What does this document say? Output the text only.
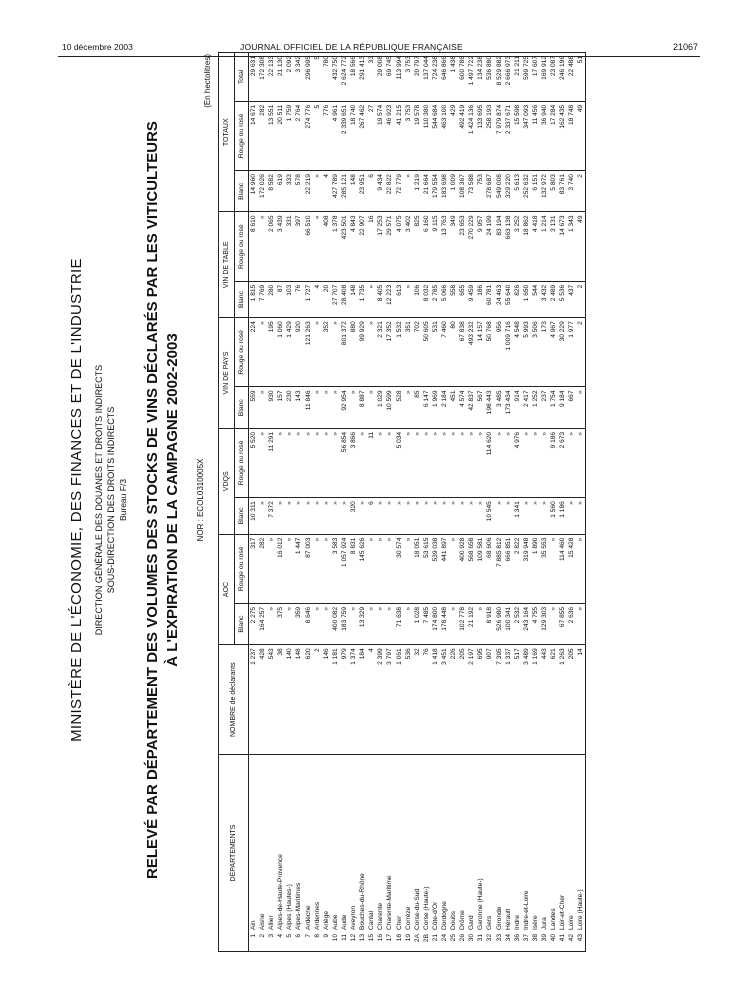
10 décembre 2003	JOURNAL OFFICIEL DE LA RÉPUBLIQUE FRANÇAISE	21067
MINISTÈRE DE L'ÉCONOMIE, DES FINANCES ET DE L'INDUSTRIE DIRECTION GÉNÉRALE DES DOUANES ET DROITS INDIRECTS SOUS-DIRECTION DES DROITS INDIRECTS Bureau F/3 RELEVÉ PAR DÉPARTEMENT DES VOLUMES DES STOCKS DE VINS DÉCLARÉS PAR LES VITICULTEURS À L'EXPIRATION DE LA CAMPAGNE 2002-2003 NOR : ECOL0310005X
(En hectolitres)
DÉPARTEMENTS	NOMBRE de déclarants	AOC		VDQS		VIN DE PAYS		VIN DE TABLE		TOTAUX		
		Blanc	Rouge ou rosé	Blanc	Rouge ou rosé	Blanc	Rouge ou rosé	Blanc	Rouge ou rosé	Blanc	Rouge ou rosé	Total
1Ain	1 237	2 275	317	10 311	5 520	559	224	1 815	8 610	14 960	14 671	29 631
2Aisne	428	164 257	282	»	»	»	»	7 769	»	172 026	282	172 308
3Allier	543	»	»	7 372	11 291	930	195	280	2 065	8 582	13 551	22 133
4Alpes-de-Haute-Provence	38	375	16 012	»	»	157	1 060	87	3 439	619	20 511	21 130
5Alpes (Hautes-)	140	»	»	»	»	230	1 429	103	331	333	1 759	2 092
6Alpes-Maritimes	148	359	1 447	»	»	143	920	76	397	578	2 764	3 342
7Ardèche	620	8 646	87 003	»	»	11 846	121 263	1 727	66 510	22 219	274 776	296 995
8Ardennes	2	»	»	»	»	»	»	4	»	»	5	5
9Ariège	146	»	»	»	»	»	352	20	408	4	776	780
10Aube	1 181	400 082	3 583	»	»	»	»	27 707	1 378	427 789	4 961	432 750
11Aude	979	183 759	1 057 924	»	56 854	92 954	801 372	28 408	423 501	285 121	2 339 651	2 624 772
12Aveyron	1 374	»	8 831	320	3 866	»	880	148	4 843	148	18 740	18 566
13Bouches-du-Rhône	184	13 329	145 626	»	»	8 887	99 929	1 735	22 907	23 951	267 462	291 413
15Cantal	4	»	»	6	11	»	»	»	16	6	27	33
16Charente	2 399	»	»	»	»	1 029	2 321	8 405	17 253	9 434	19 574	29 008
17Charente-Maritime	3 797	»	»	»	»	10 599	17 352	12 223	29 571	22 822	46 923	69 745
18Cher	1 061	71 638	30 574	»	5 034	528	1 532	613	4 075	72 779	41 215	113 994
19Corrèze	536	»	»	»	»	»	351	»	3 402	»	3 753	3 753
2ACorse-du-Sud	32	1 028	18 051	»	»	85	702	106	825	1 219	19 578	20 797
2BCorse (Haute-)	76	7 485	53 615	»	»	6 147	50 605	8 032	6 160	21 664	110 380	137 044
21Côte-d'Or	1 418	174 800	539 038	»	»	1 969	531	2 785	9 115	179 554	544 684	724 238
24Dordogne	3 451	178 448	441 897	»	»	2 184	7 460	5 066	13 763	183 698	463 100	646 866
25Doubs	226	»	»	»	»	451	80	558	349	1 009	429	1 438
26Drôme	205	102 778	400 928	»	»	4 574	67 838	655	23 653	108 367	492 419	600 786
30Gard	2 197	21 192	568 658	»	»	42 837	493 232	9 459	270 229	73 588	1 424 136	1 497 722
31Garonne (Haute-)	695	»	109 581	»	»	567	14 157	186	9 957	753	133 695	134 238
32Gers	907	8 918	68 606	10 545	114 620	198 443	50 768	60 781	24 199	278 687	258 193	536 880
33Gironde	7 395	526 980	7 885 812	»	»	3 485	956	24 463	83 194	549 008	7 979 874	8 529 882
34Hérault	1 337	100 341	666 851	»	»	173 434	1 009 716	55 640	663 138	329 220	2 337 671	2 666 973
36Indre	517	2 532	2 822	1 341	4 976	914	4 548	826	3 252	5 613	15 598	21 211
37Indre-et-Loire	3 489	243 164	319 948	»	»	2 417	5 993	1 650	18 862	252 632	347 093	599 725
38Isère	1 169	4 755	1 890	»	»	1 252	3 506	544	4 418	6 151	11 456	17 607
39Jura	443	129 303	35 553	»	»	237	173	3 432	1 214	132 972	36 940	169 912
40Landes	621	»	»	1 560	9 186	1 754	4 967	2 489	3 131	5 803	17 284	23 087
41Loir-et-Cher	1 263	67 855	114 460	1 186	2 673	9 184	30 229	5 536	14 673	83 761	162 435	246 196
42Loire	205	2 636	15 428	»	»	667	1 977	437	1 343	3 740	18 748	22 488
43Loire (Haute-)	14	»	»	»	»	»	2	2	49	2	49	51
